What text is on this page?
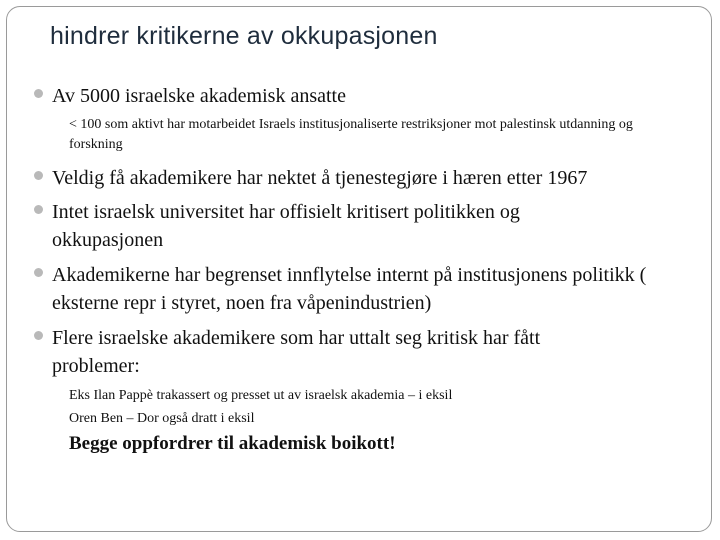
hindrer kritikerne av okkupasjonen
Av 5000 israelske akademisk ansatte
< 100 som aktivt har motarbeidet Israels institusjonaliserte restriksjoner mot palestinsk utdanning og forskning
Veldig få akademikere har nektet å tjenestegjøre i hæren etter 1967
Intet israelsk universitet har offisielt kritisert politikken og okkupasjonen
Akademikerne har begrenset innflytelse internt på institusjonens politikk ( eksterne repr i styret, noen fra våpenindustrien)
Flere israelske akademikere som har uttalt seg kritisk har fått problemer:
Eks Ilan Pappè trakassert og presset ut av israelsk akademia – i eksil
Oren Ben – Dor også dratt i eksil
Begge oppfordrer til akademisk boikott!
